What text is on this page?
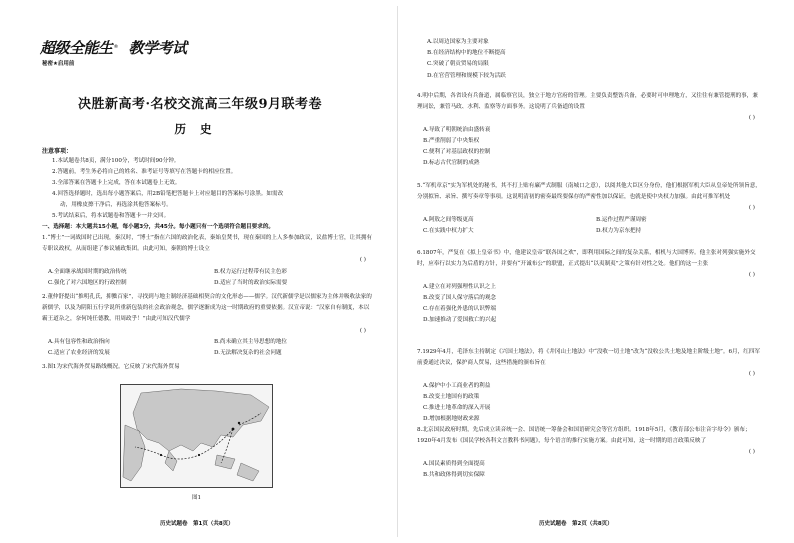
超级全能生 ® 教学考试
秘密★启用前
决胜新高考·名校交流高三年级9月联考卷
历史
注意事项：
1.本试题卷共8页，满分100分，考试时间90分钟。
2.答题前，考生务必将自己的姓名、准考证号等填写在答题卡的相应位置。
3.全部答案在答题卡上完成，答在本试题卷上无效。
4.回答选择题时，选出每小题答案后，用2B铅笔把答题卡上对应题目的答案标号涂黑。如需改
动，用橡皮擦干净后，再选涂其他答案标号。
5.考试结束后，将本试题卷和答题卡一并交回。
一、选择题：本大题共15小题，每小题3分，共45分。每小题只有一个选项符合题目要求的。
1.“博士”一词战国时已出现，秦汉时，“博士”指在六国的政治化表，秦始皇焚书，现在秦国的上人多参加政议，议盐博士官，让其拥有专职议政权，从而组建了参议辅政集团。由此可知，秦朝的博士设立
( )
A.全面继承战国时期的政治传统	B.权力运行过程带有民主色彩
C.强化了对六国地区的行政控制	D.适应了当时的政治实际需要
2.董仲舒提出“推明孔氏，抑黜百家”，寻找到与地主制经济基础相契合的文化形态——儒学。汉代新儒学是以儒家为主体并吸收法家的新儒学，以及为阴阳五行学说所重新包装的社会政治观念，儒学逐渐成为这一时期政府的重要依据。汉宣帝说：“汉家自有制度，本以霸王道杂之，奈何纯任德教，用周政乎！”由此可知汉代儒学
( )
A.具有包容性和政治指向	B.尚未确立其主导思想的地位
C.适应了农业经济的发展	D.无法解决复杂的社会问题
3.图1为宋代海外贸易路线概况。它反映了宋代海外贸易
图1
历史试题卷　第1页（共8页）
A.以周边国家为主要对象
B.在经济结构中的地位不断提高
C.突破了朝贡贸易的局限
D.在官营管理和规模下较为活跃
4.明中后期，各省设有兵备道，属临察官员，独立于地方官府的管理。主要负责整饬兵备，必要时可申理地方，又往往有兼管提刑的事，兼理词讼，兼管马政、水利、监察等方面事务。这说明了兵备道的设置
( )
A.导致了明朝统治由盛转衰
B.严重削弱了中央集权
C.便利了对基层政权的控制
D.标志古代官制的成熟
5.“军机章京”实为军机处的秘书，其不打上贴有廉严式制服（南城口之意），以阅其他大臣区分身份，他们根据军机大臣从皇帝处所领旨意，分别拟旨、录旨、撰写奏章等事项。这说明清初的密奏最终要保存的严密性加以保证，也就是使中央权力加强。由此可推军机处
( )
A.阿敖之间等级更高	B.运作过程严谨周密
C.在实践中权力扩大	D.权力为京东把持
6.1807年，严复在《拟上皇帝书》中，他建议皇帝“联各国之欢”，即利用国际之间的复杂关系，相机与大国博弈。他主张对列强实施外交时，应奉行以实力为后盾的方针，并要有“开诚布公”的联盟，正式提出“以夷制夷”之策有针对性之处。他们的这一主张
( )
A.建立在对列强理性认识之上
B.改变了国人保守落后的观念
C.存在着强化外患的认识弊端
D.加速推动了爱国救亡的兴起
7.1929年4月，毛泽东主持制定《兴国土地法》，将《井冈山土地法》中“没收一切土地”改为“没收公共土地及地主阶级土地”。6月，红四军前委通过决议，保护商人贸易，这些措施的颁布旨在
( )
A.保护中小工商业者的利益
B.改变土地国有的政策
C.推进土地革命的深入开展
D.增加根据地财政来源
8.北京国民政府时期，先后成立读音统一会、国语统一筹备会和国语研究会等官方组织。1918年5月，《教育部公布注音字母令》颁布；1920年4月发布《国民学校各科文言教科书问题》，每个语言的推行实施方案。由此可知，这一时期的语言政策反映了
( )
A.国民素质得到全面提高
B.共和政体得到切实保障
历史试题卷　第2页（共8页）
